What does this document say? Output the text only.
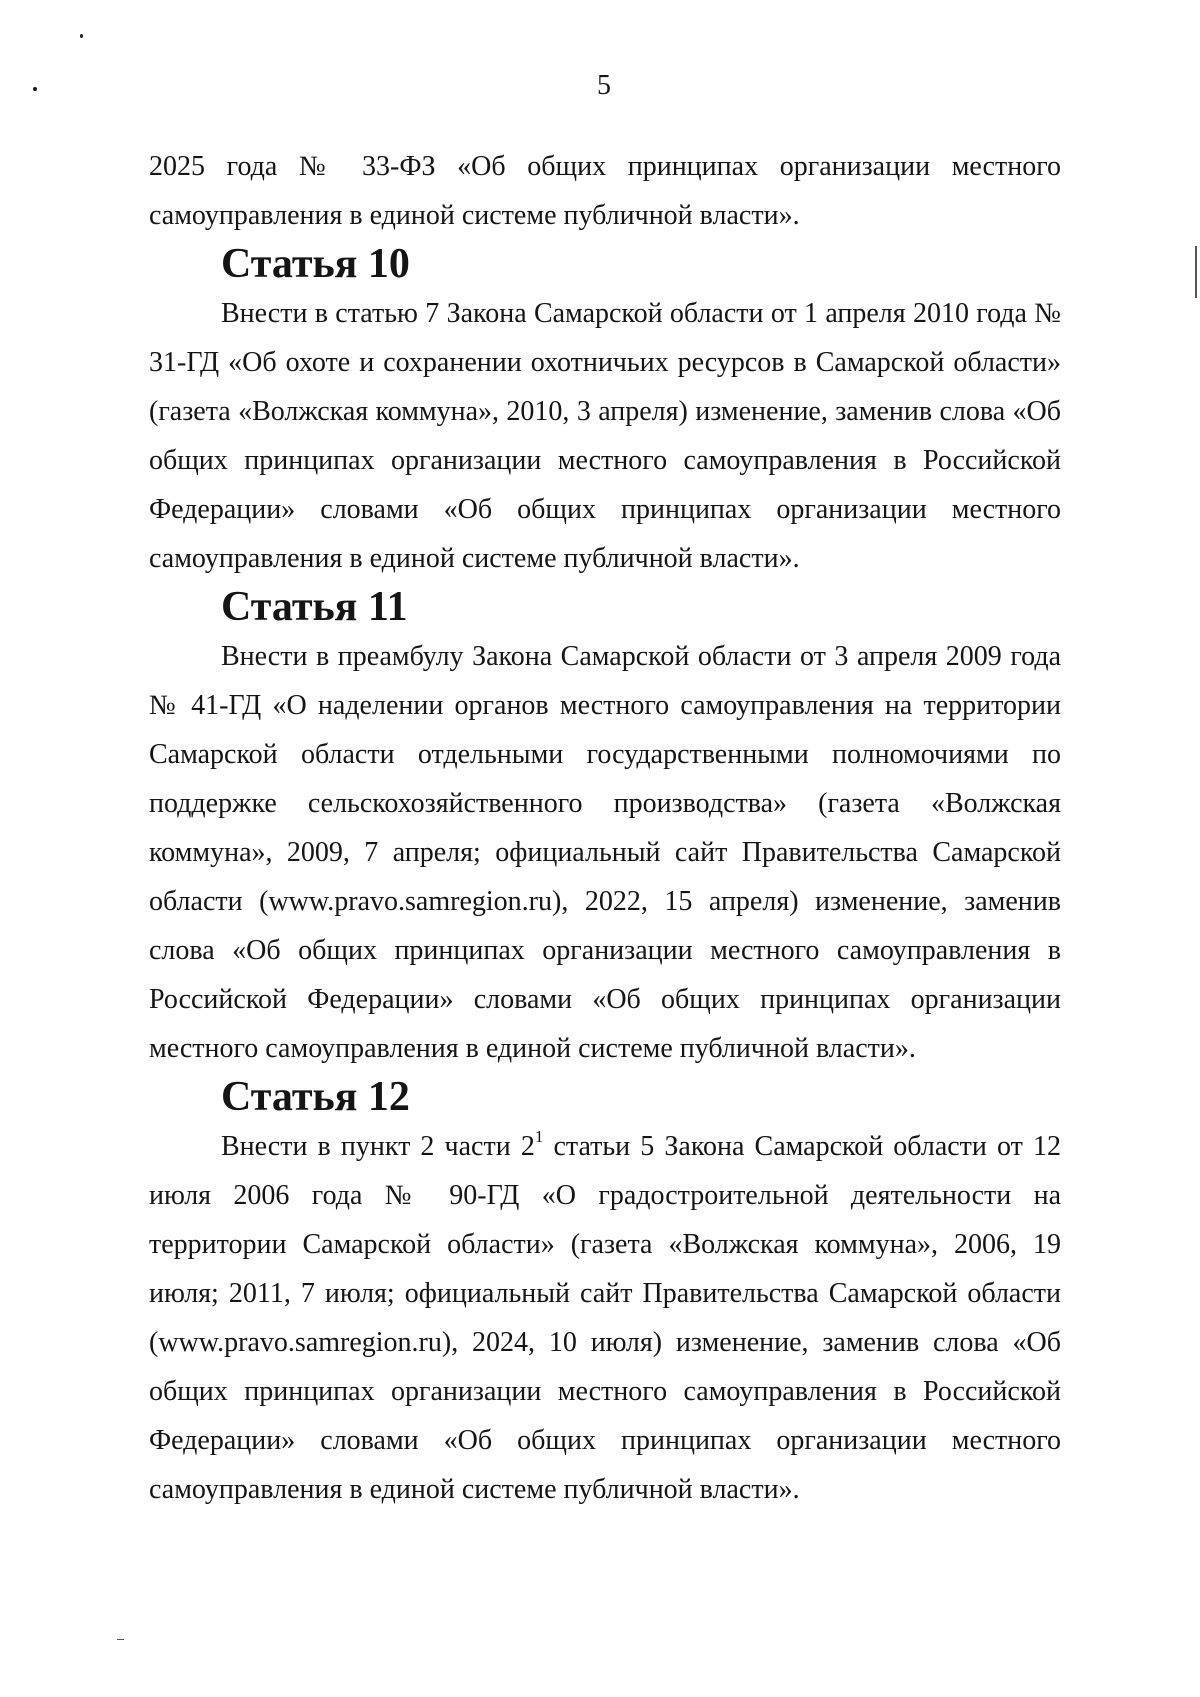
5

2025 года № 33-ФЗ «Об общих принципах организации местного самоуправления в единой системе публичной власти».

Статья 10

Внести в статью 7 Закона Самарской области от 1 апреля 2010 года № 31-ГД «Об охоте и сохранении охотничьих ресурсов в Самарской области» (газета «Волжская коммуна», 2010, 3 апреля) изменение, заменив слова «Об общих принципах организации местного самоуправления в Российской Федерации» словами «Об общих принципах организации местного самоуправления в единой системе публичной власти».

Статья 11

Внести в преамбулу Закона Самарской области от 3 апреля 2009 года № 41-ГД «О наделении органов местного самоуправления на территории Самарской области отдельными государственными полномочиями по поддержке сельскохозяйственного производства» (газета «Волжская коммуна», 2009, 7 апреля; официальный сайт Правительства Самарской области (www.pravo.samregion.ru), 2022, 15 апреля) изменение, заменив слова «Об общих принципах организации местного самоуправления в Российской Федерации» словами «Об общих принципах организации местного самоуправления в единой системе публичной власти».

Статья 12

Внести в пункт 2 части $2^1$ статьи 5 Закона Самарской области от 12 июля 2006 года № 90-ГД «О градостроительной деятельности на территории Самарской области» (газета «Волжская коммуна», 2006, 19 июля; 2011, 7 июля; официальный сайт Правительства Самарской области (www.pravo.samregion.ru), 2024, 10 июля) изменение, заменив слова «Об общих принципах организации местного самоуправления в Российской Федерации» словами «Об общих принципах организации местного самоуправления в единой системе публичной власти».
